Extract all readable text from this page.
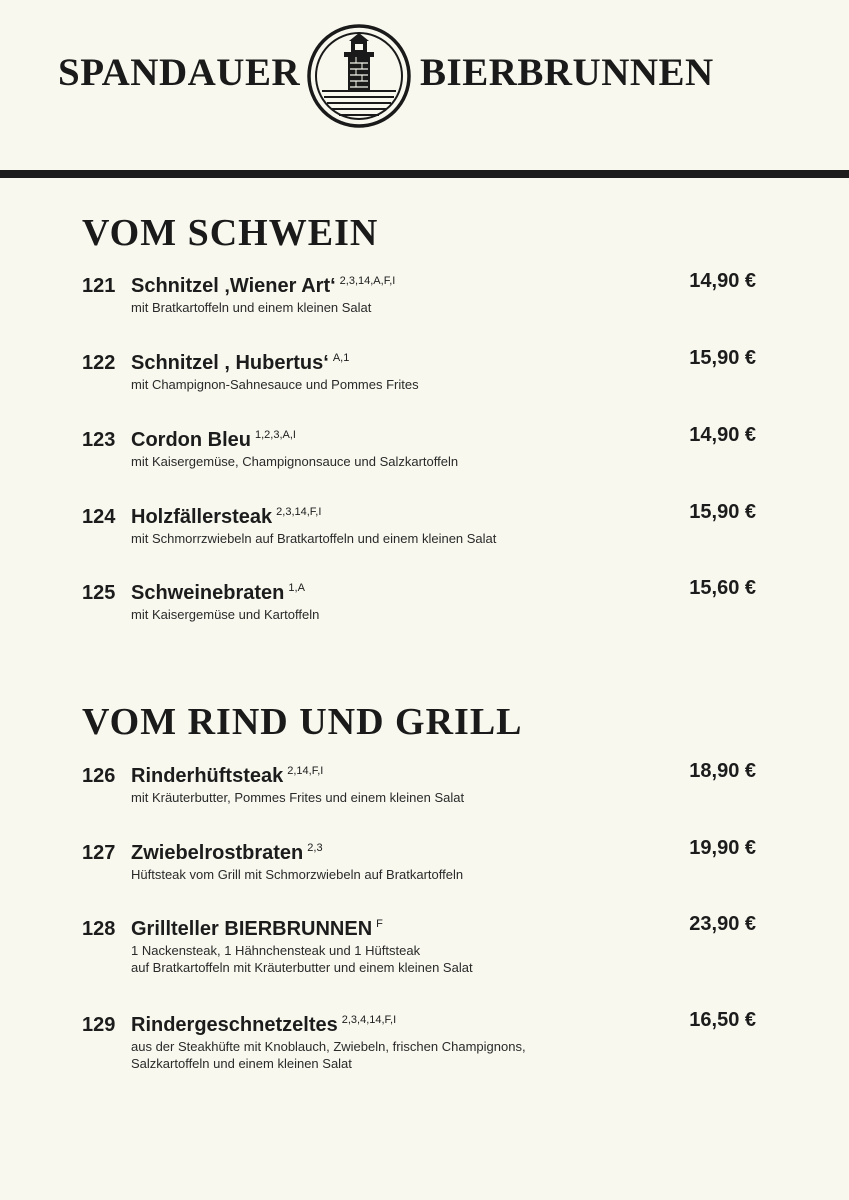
SPANDAUER	BIERBRUNNEN
VOM SCHWEIN
121 Schnitzel ‚Wiener Art‘ $^{2,3,14,A,F,I}$
mit Bratkartoffeln und einem kleinen Salat
14,90 €
122 Schnitzel , Hubertus‘ $^{A,1}$
mit Champignon-Sahnesauce und Pommes Frites
15,90 €
123 Cordon Bleu $^{1,2,3,A,I}$
mit Kaisergemüse, Champignonsauce und Salzkartoffeln
14,90 €
124 Holzfällersteak $^{2,3,14,F,I}$
mit Schmorrzwiebeln auf Bratkartoffeln und einem kleinen Salat
15,90 €
125 Schweinebraten $^{1,A}$
mit Kaisergemüse und Kartoffeln
15,60 €
VOM RIND UND GRILL
126 Rinderhüftsteak $^{2,14,F,I}$
mit Kräuterbutter, Pommes Frites und einem kleinen Salat
18,90 €
127 Zwiebelrostbraten $^{2,3}$
Hüftsteak vom Grill mit Schmorzwiebeln auf Bratkartoffeln
19,90 €
128 Grillteller BIERBRUNNEN $^F$
1 Nackensteak, 1 Hähnchensteak und 1 Hüftsteak
auf Bratkartoffeln mit Kräuterbutter und einem kleinen Salat
23,90 €
129 Rindergeschnetzeltes $^{2,3,4,14,F,I}$
aus der Steakhüfte mit Knoblauch, Zwiebeln, frischen Champignons,
Salzkartoffeln und einem kleinen Salat
16,50 €
